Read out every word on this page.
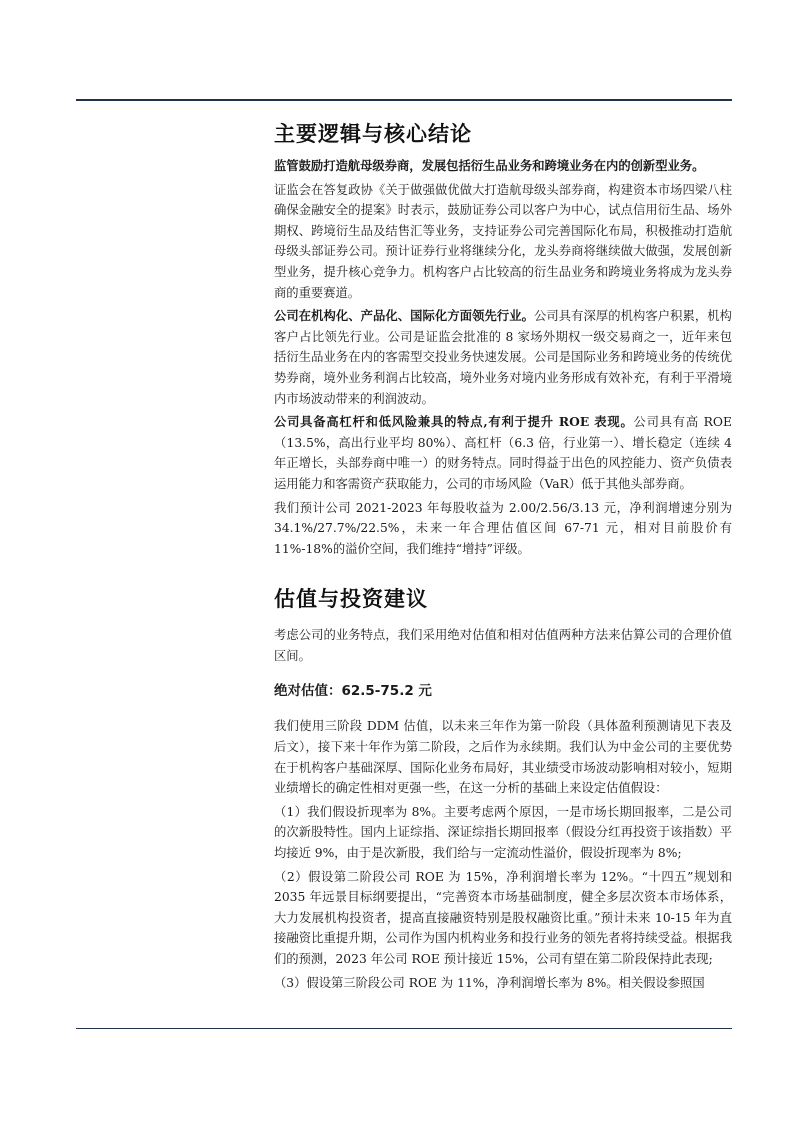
主要逻辑与核心结论

监管鼓励打造航母级券商，发展包括衍生品业务和跨境业务在内的创新型业务。

证监会在答复政协《关于做强做优做大打造航母级头部券商，构建资本市场四梁八柱确保金融安全的提案》时表示，鼓励证券公司以客户为中心，试点信用衍生品、场外期权、跨境衍生品及结售汇等业务，支持证券公司完善国际化布局，积极推动打造航母级头部证券公司。预计证券行业将继续分化，龙头券商将继续做大做强，发展创新型业务，提升核心竞争力。机构客户占比较高的衍生品业务和跨境业务将成为龙头券商的重要赛道。

公司在机构化、产品化、国际化方面领先行业。公司具有深厚的机构客户积累，机构客户占比领先行业。公司是证监会批准的 8 家场外期权一级交易商之一，近年来包括衍生品业务在内的客需型交投业务快速发展。公司是国际业务和跨境业务的传统优势券商，境外业务利润占比较高，境外业务对境内业务形成有效补充，有利于平滑境内市场波动带来的利润波动。

公司具备高杠杆和低风险兼具的特点,有利于提升 ROE 表现。公司具有高 ROE（13.5%，高出行业平均 80%）、高杠杆（6.3 倍，行业第一）、增长稳定（连续 4 年正增长，头部券商中唯一）的财务特点。同时得益于出色的风控能力、资产负债表运用能力和客需资产获取能力，公司的市场风险（VaR）低于其他头部券商。

我们预计公司 2021-2023 年每股收益为 2.00/2.56/3.13 元，净利润增速分别为 34.1%/27.7%/22.5%，未来一年合理估值区间 67-71 元，相对目前股价有 11%-18%的溢价空间，我们维持“增持”评级。

估值与投资建议

考虑公司的业务特点，我们采用绝对估值和相对估值两种方法来估算公司的合理价值区间。

绝对估值：62.5-75.2 元

我们使用三阶段 DDM 估值，以未来三年作为第一阶段（具体盈利预测请见下表及后文），接下来十年作为第二阶段，之后作为永续期。我们认为中金公司的主要优势在于机构客户基础深厚、国际化业务布局好，其业绩受市场波动影响相对较小，短期业绩增长的确定性相对更强一些，在这一分析的基础上来设定估值假设：

（1）我们假设折现率为 8%。主要考虑两个原因，一是市场长期回报率，二是公司的次新股特性。国内上证综指、深证综指长期回报率（假设分红再投资于该指数）平均接近 9%，由于是次新股，我们给与一定流动性溢价，假设折现率为 8%;

（2）假设第二阶段公司 ROE 为 15%，净利润增长率为 12%。“十四五”规划和 2035 年远景目标纲要提出，“完善资本市场基础制度，健全多层次资本市场体系，大力发展机构投资者，提高直接融资特别是股权融资比重。”预计未来 10-15 年为直接融资比重提升期，公司作为国内机构业务和投行业务的领先者将持续受益。根据我们的预测，2023 年公司 ROE 预计接近 15%，公司有望在第二阶段保持此表现;

（3）假设第三阶段公司 ROE 为 11%，净利润增长率为 8%。相关假设参照国
